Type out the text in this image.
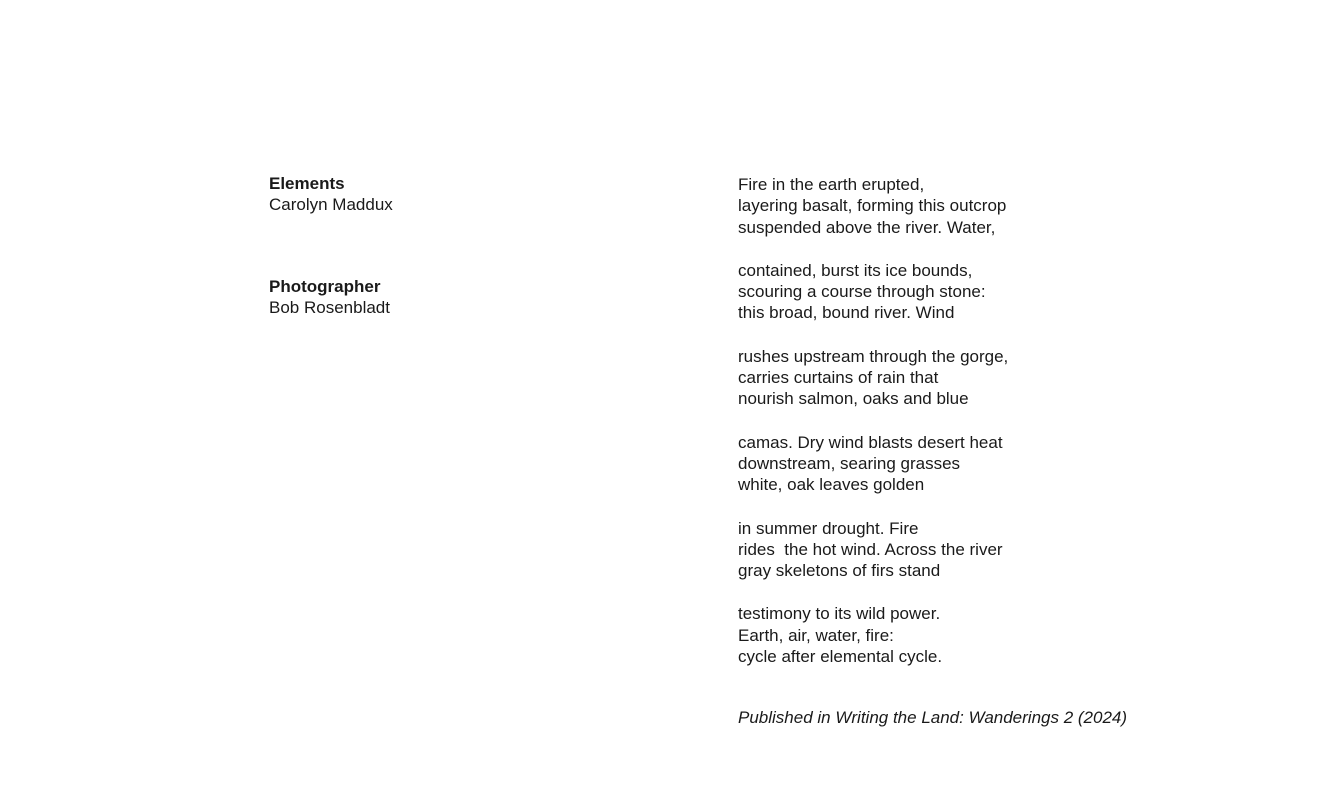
Elements

Carolyn Maddux

Photographer

Bob Rosenbladt

Fire in the earth erupted,
layering basalt, forming this outcrop
suspended above the river. Water,
contained, burst its ice bounds,
scouring a course through stone:
this broad, bound river. Wind
rushes upstream through the gorge,
carries curtains of rain that
nourish salmon, oaks and blue
camas. Dry wind blasts desert heat
downstream, searing grasses
white, oak leaves golden
in summer drought. Fire
rides  the hot wind. Across the river
gray skeletons of firs stand
testimony to its wild power.
Earth, air, water, fire:
cycle after elemental cycle.
Published in Writing the Land: Wanderings 2 (2024)
